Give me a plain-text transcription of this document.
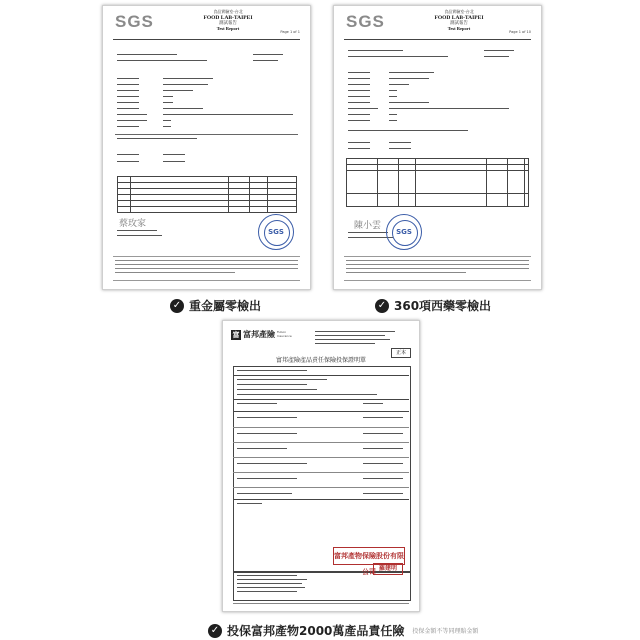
SGS
食品實驗室-台北
FOOD LAB-TAIPEI
測試報告
Test Report
Page 1 of 1

蔡玫家
SGS
SGS
食品實驗室-台北
FOOD LAB-TAIPEI
測試報告
Test Report
Page 1 of 10

陳小雲
SGS
✓ 重金屬零檢出	✓ 360項西藥零檢出
富 富邦產險 Fubon
Insurance
富邦產險產品責任保險投保證明單
正本
富邦產物保險股份有限公司 羅建明
✓ 投保富邦產物2000萬產品責任險 投保金額不等同理賠金額
